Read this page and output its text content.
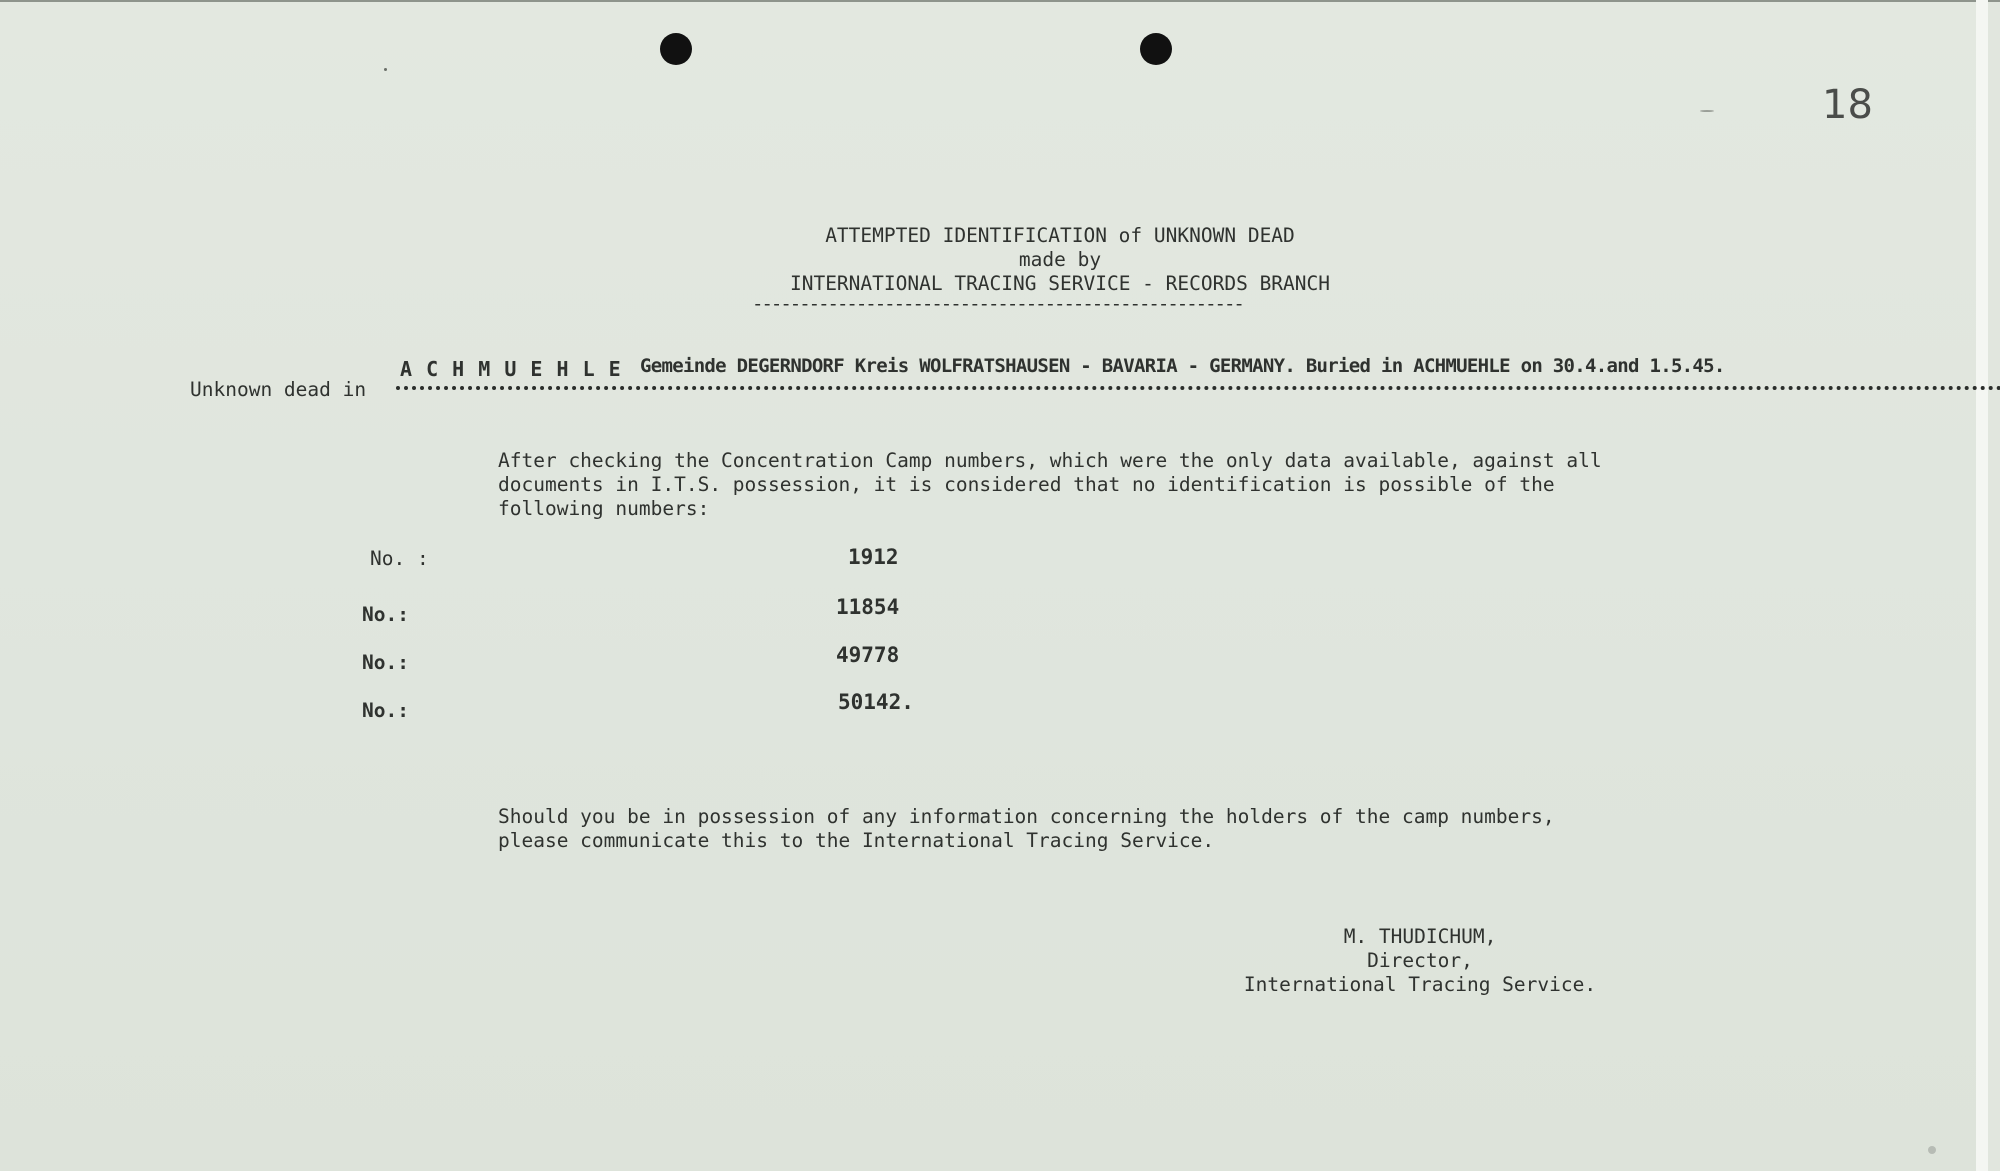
18
ATTEMPTED IDENTIFICATION of UNKNOWN DEAD
made by
INTERNATIONAL TRACING SERVICE - RECORDS BRANCH
----------------------------------------------------
Unknown dead in
A C H M U E H L E Gemeinde DEGERNDORF Kreis WOLFRATSHAUSEN - BAVARIA - GERMANY. Buried in ACHMUEHLE on 30.4.and 1.5.45.
After checking the Concentration Camp numbers, which were the only data available, against all
documents in I.T.S. possession, it is considered that no identification is possible of the
following numbers:
No. :	1912
No.:	11854
No.:	49778
No.:	50142.
Should you be in possession of any information concerning the holders of the camp numbers,
please communicate this to the International Tracing Service.
M. THUDICHUM,
Director,
International Tracing Service.
